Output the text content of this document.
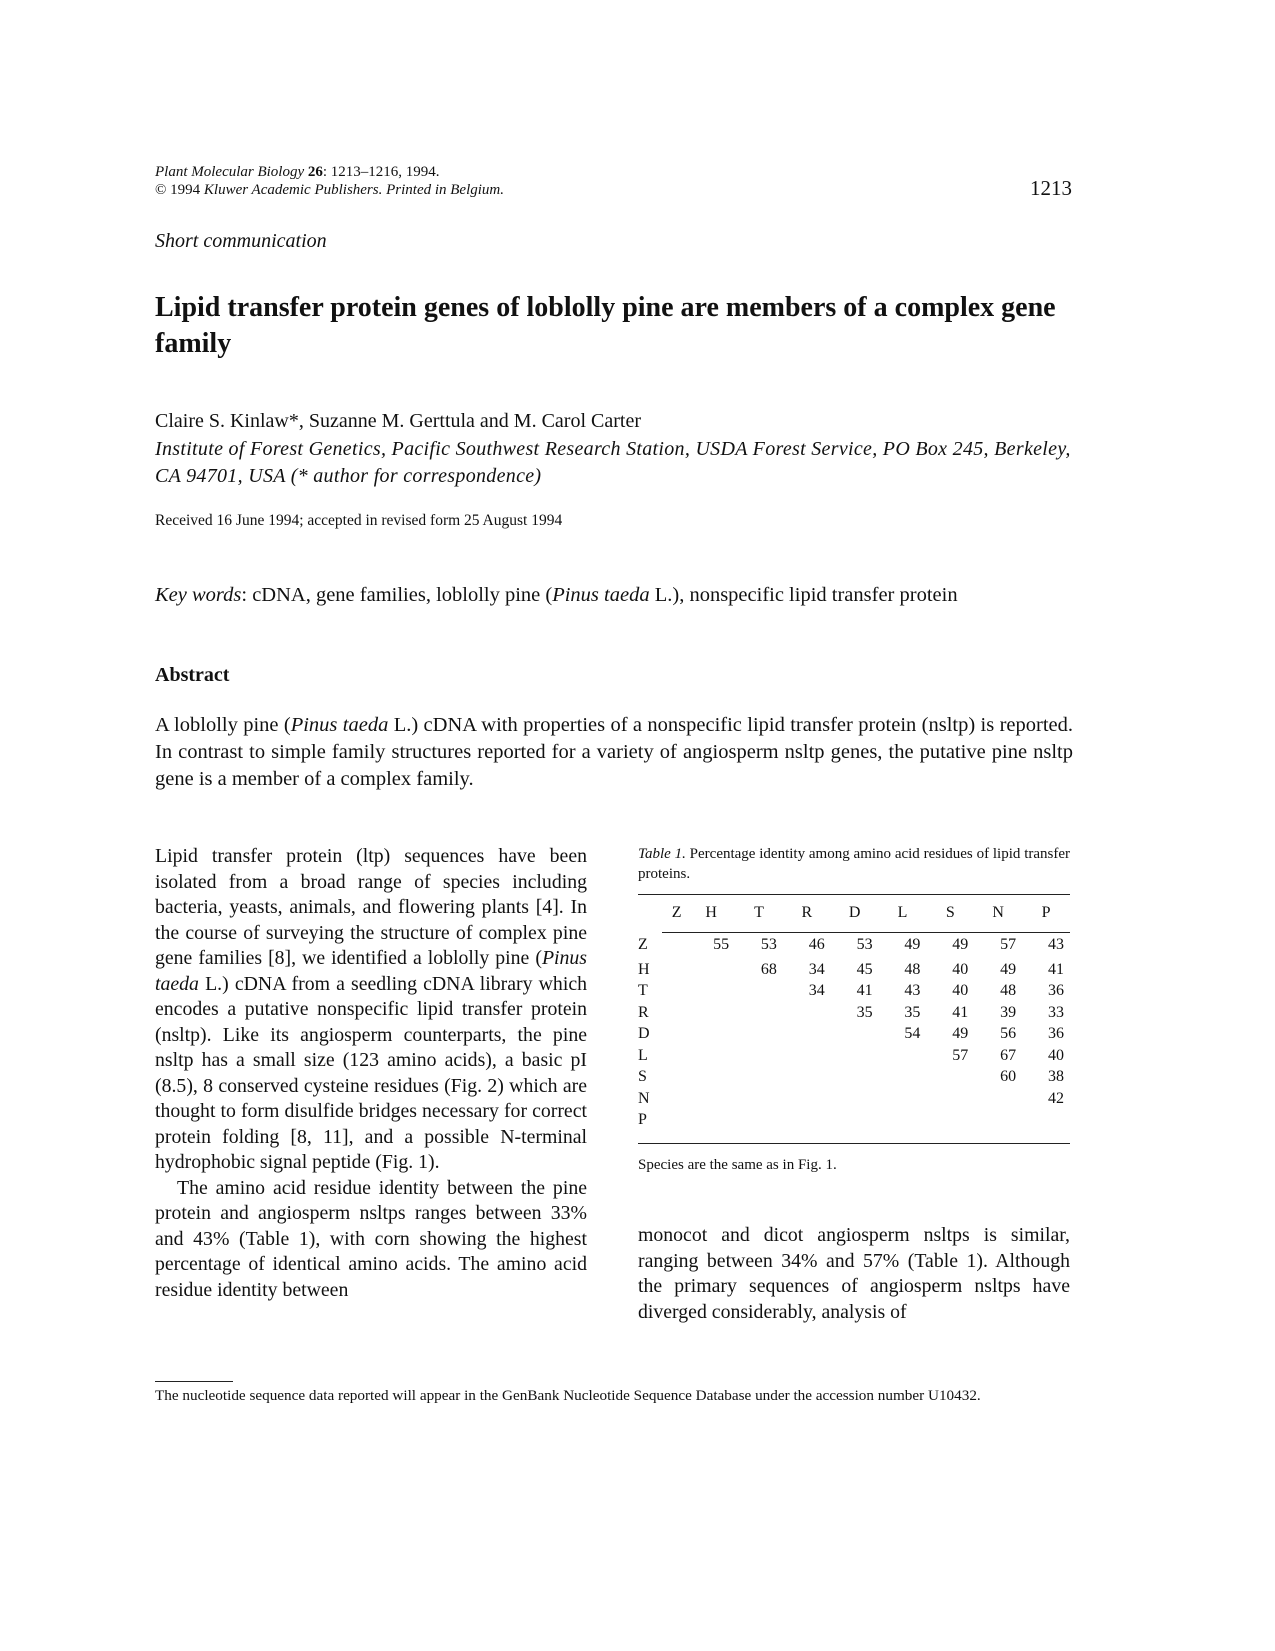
Plant Molecular Biology 26: 1213–1216, 1994.
© 1994 Kluwer Academic Publishers. Printed in Belgium.	1213
Short communication
Lipid transfer protein genes of loblolly pine are members of a complex gene family
Claire S. Kinlaw*, Suzanne M. Gerttula and M. Carol Carter
Institute of Forest Genetics, Pacific Southwest Research Station, USDA Forest Service, PO Box 245, Berkeley, CA 94701, USA (* author for correspondence)
Received 16 June 1994; accepted in revised form 25 August 1994
Key words: cDNA, gene families, loblolly pine (Pinus taeda L.), nonspecific lipid transfer protein
Abstract
A loblolly pine (Pinus taeda L.) cDNA with properties of a nonspecific lipid transfer protein (nsltp) is reported. In contrast to simple family structures reported for a variety of angiosperm nsltp genes, the putative pine nsltp gene is a member of a complex family.

Lipid transfer protein (ltp) sequences have been isolated from a broad range of species including bacteria, yeasts, animals, and flowering plants [4]. In the course of surveying the structure of complex pine gene families [8], we identified a loblolly pine (Pinus taeda L.) cDNA from a seedling cDNA library which encodes a putative nonspecific lipid transfer protein (nsltp). Like its angiosperm counterparts, the pine nsltp has a small size (123 amino acids), a basic pI (8.5), 8 conserved cysteine residues (Fig. 2) which are thought to form disulfide bridges necessary for correct protein folding [8, 11], and a possible N-terminal hydrophobic signal peptide (Fig. 1).

The amino acid residue identity between the pine protein and angiosperm nsltps ranges between 33% and 43% (Table 1), with corn showing the highest percentage of identical amino acids. The amino acid residue identity between

Table 1. Percentage identity among amino acid residues of lipid transfer proteins.
	Z	H	T	R	D	L	S	N	P
Z		55	53	46	53	49	49	57	43
H			68	34	45	48	40	49	41
T				34	41	43	40	48	36
R					35	35	41	39	33
D						54	49	56	36
L							57	67	40
S								60	38
N									42
P									
Species are the same as in Fig. 1.
monocot and dicot angiosperm nsltps is similar, ranging between 34% and 57% (Table 1). Although the primary sequences of angiosperm nsltps have diverged considerably, analysis of
The nucleotide sequence data reported will appear in the GenBank Nucleotide Sequence Database under the accession number U10432.
